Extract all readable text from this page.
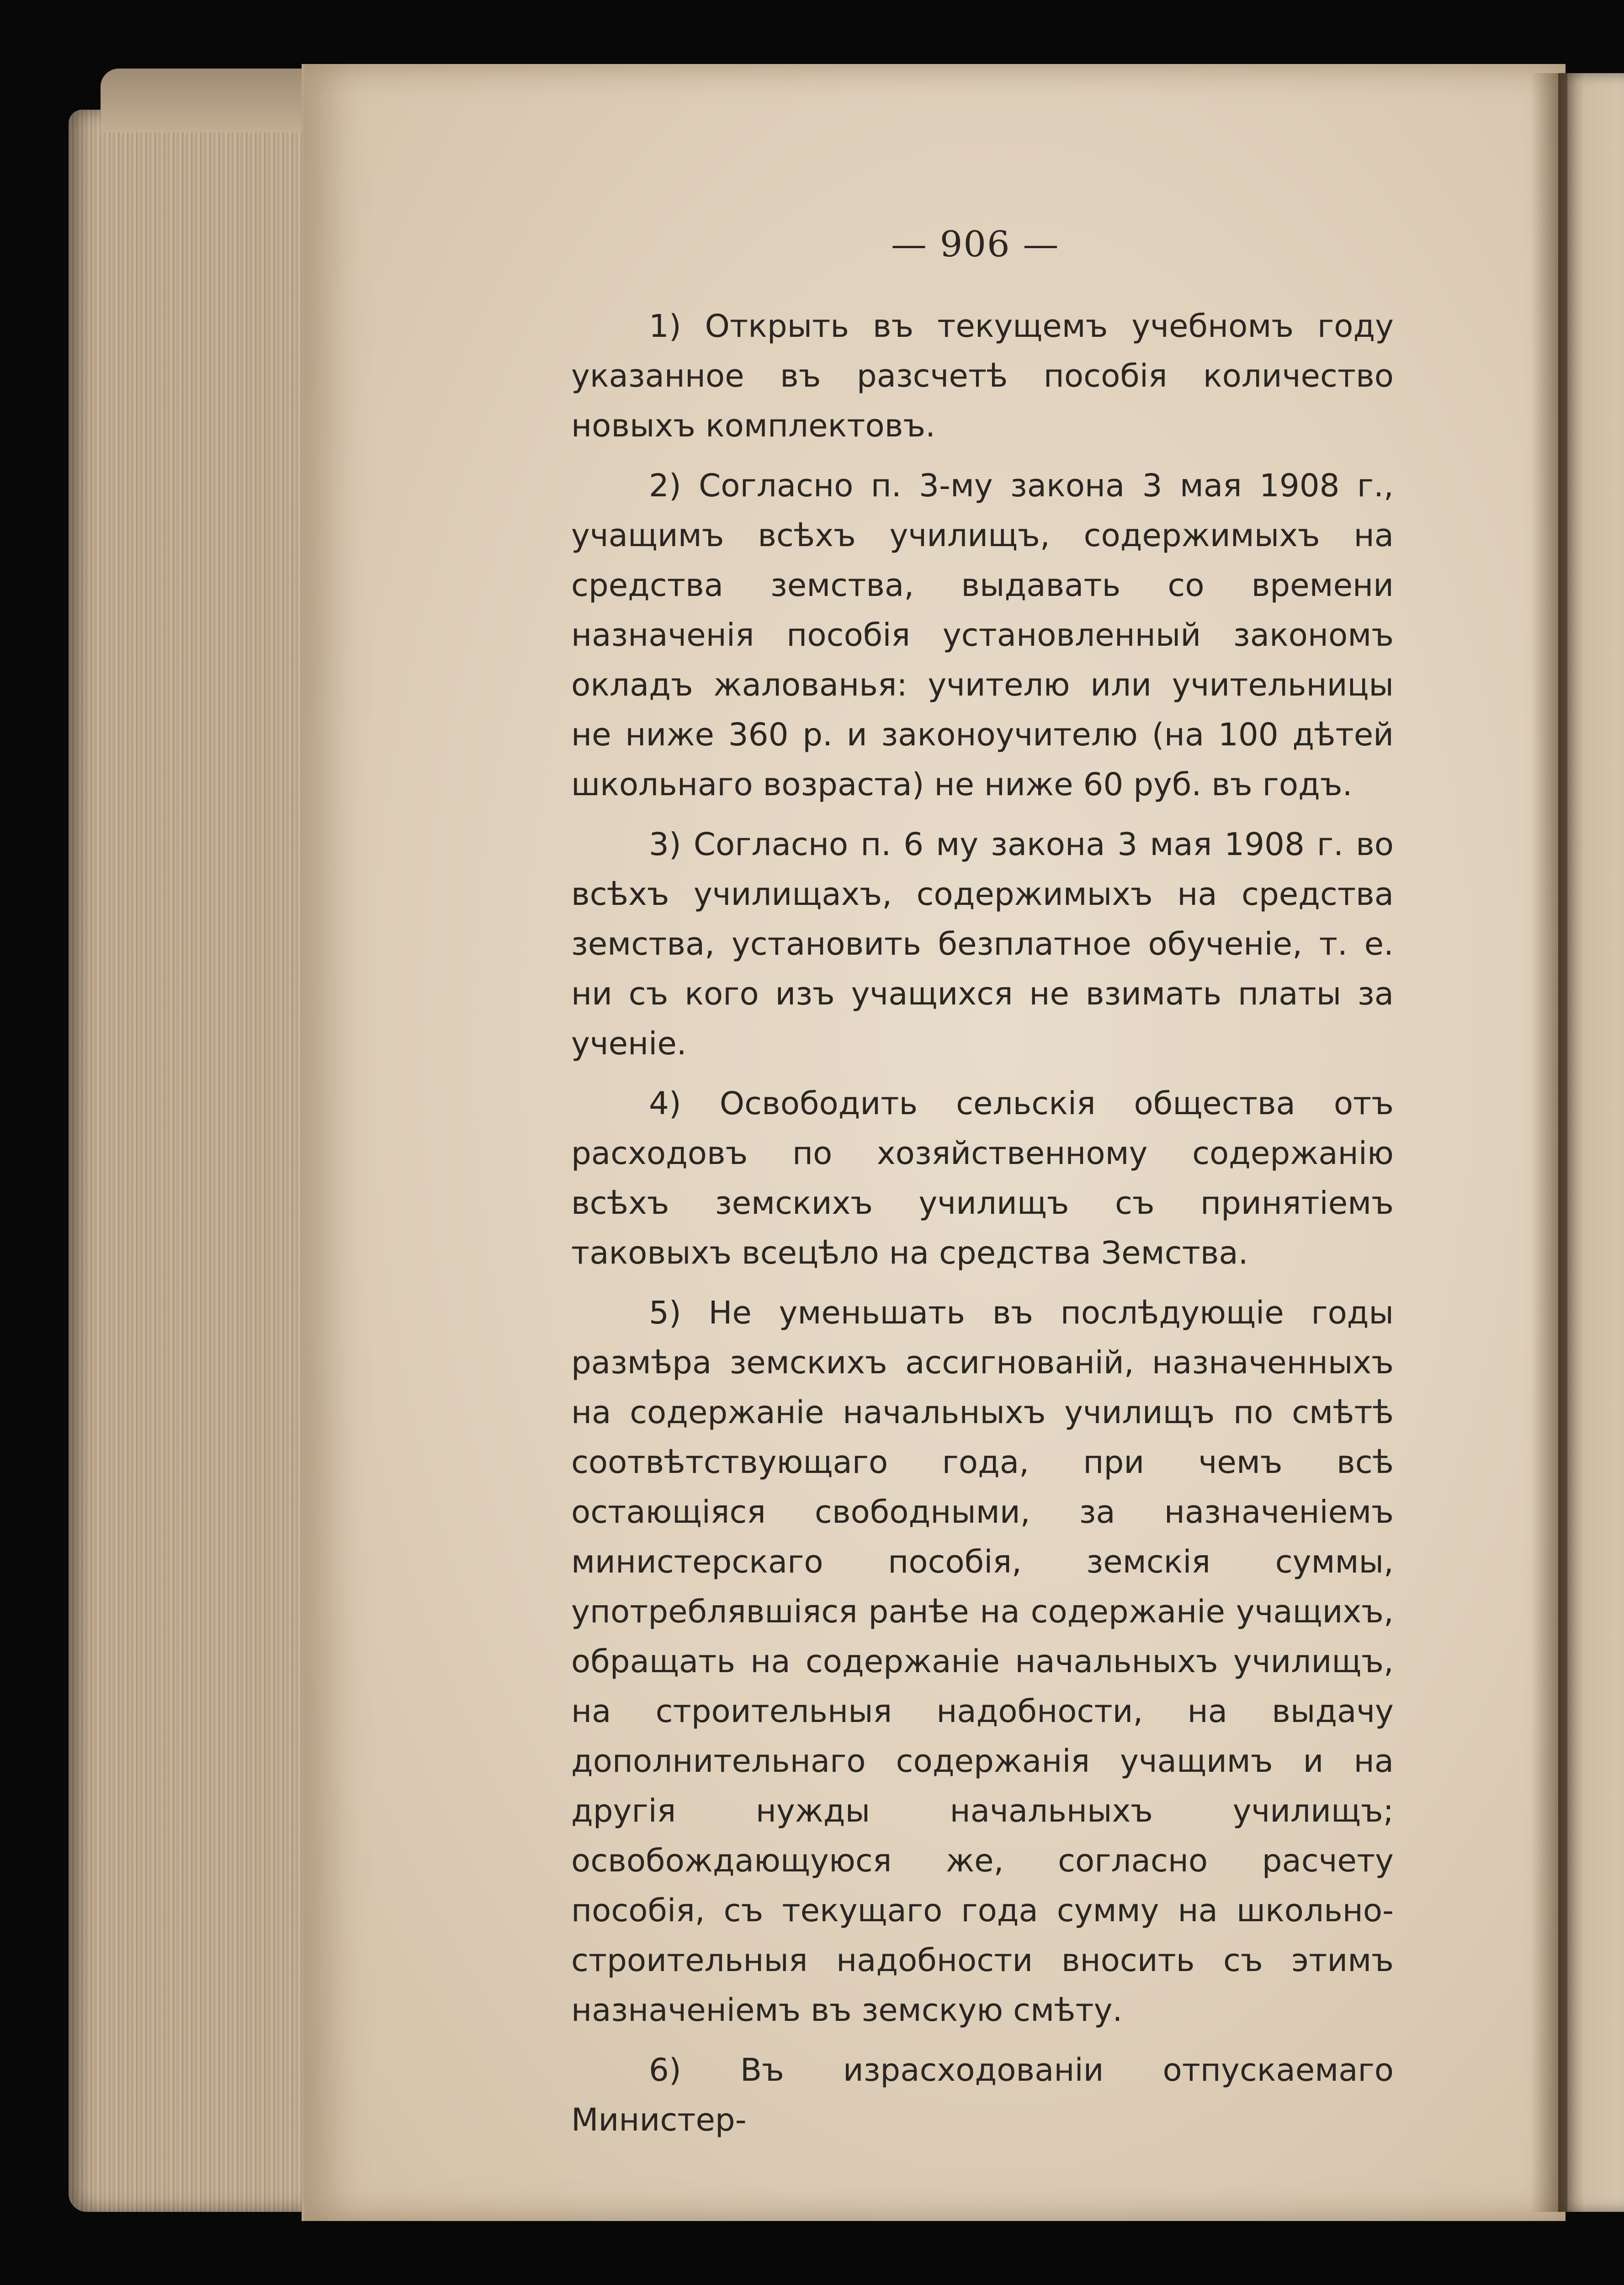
— 906 —

1) Открыть въ текущемъ учебномъ году указанное въ разсчетѣ пособія количество новыхъ комплектовъ.

2) Согласно п. 3-му закона 3 мая 1908 г., учащимъ всѣхъ училищъ, содержимыхъ на средства земства, выдавать со времени назначенія пособія установленный закономъ окладъ жалованья: учителю или учительницы не ниже 360 р. и законоучителю (на 100 дѣтей школьнаго возраста) не ниже 60 руб. въ годъ.

3) Согласно п. 6 му закона 3 мая 1908 г. во всѣхъ училищахъ, содержимыхъ на средства земства, установить безплатное обученіе, т. е. ни съ кого изъ учащихся не взимать платы за ученіе.

4) Освободить сельскія общества отъ расходовъ по хозяйственному содержанію всѣхъ земскихъ училищъ съ принятіемъ таковыхъ всецѣло на средства Земства.

5) Не уменьшать въ послѣдующіе годы размѣра земскихъ ассигнованій, назначенныхъ на содержаніе начальныхъ училищъ по смѣтѣ соотвѣтствующаго года, при чемъ всѣ остающіяся свободными, за назначеніемъ министерскаго пособія, земскія суммы, употреблявшіяся ранѣе на содержаніе учащихъ, обращать на содержаніе начальныхъ училищъ, на строительныя надобности, на выдачу дополнительнаго содержанія учащимъ и на другія нужды начальныхъ училищъ; освобождающуюся же, согласно расчету пособія, съ текущаго года сумму на школьно-строительныя надобности вносить съ этимъ назначеніемъ въ земскую смѣту.

6) Въ израсходованіи отпускаемаго Министер-
